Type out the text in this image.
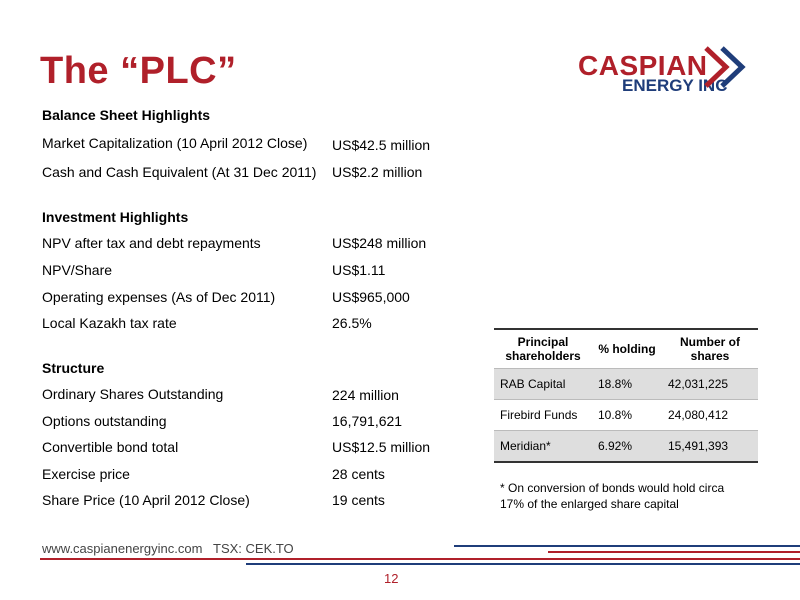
The “PLC”	CASPIAN
ENERGY INC
Balance Sheet Highlights
Market Capitalization (10 April 2012 Close) US$42.5 million
Cash and Cash Equivalent (At 31 Dec 2011) US$2.2 million
Investment Highlights
NPV after tax and debt repayments	US$248 million
NPV/Share	US$1.11
Operating expenses (As of Dec 2011)	US$965,000
Local Kazakh tax rate	26.5%
Structure
Ordinary Shares Outstanding	224 million
Options outstanding	16,791,621
Convertible bond total	US$12.5 million
Exercise price	28 cents
Share Price (10 April 2012 Close)	19 cents
Principal shareholders	% holding	Number of shares
RAB Capital	18.8%	42,031,225
Firebird Funds	10.8%	24,080,412
Meridian*	6.92%	15,491,393
* On conversion of bonds would hold circa 17% of the enlarged share capital
www.caspianenergyinc.com   TSX: CEK.TO
12
